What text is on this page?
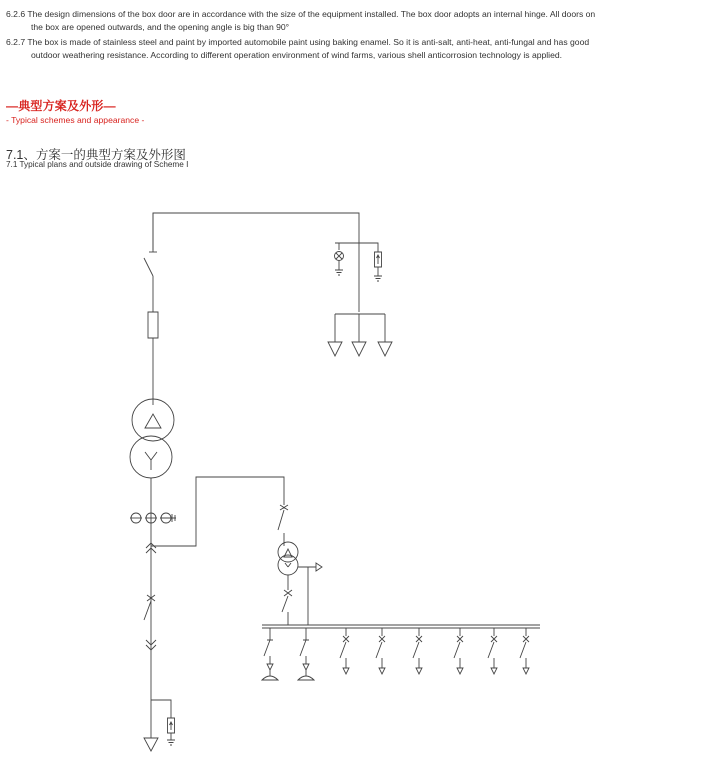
6.2.6 The design dimensions of the box door are in accordance with the size of the equipment installed. The box door adopts an internal hinge. All doors on
the box are opened outwards, and the opening angle is big than 90°
6.2.7 The box is made of stainless steel and paint by imported automobile paint using baking enamel. So it is anti-salt, anti-heat, anti-fungal and has good
outdoor weathering resistance. According to different operation environment of wind farms, various shell anticorrosion technology is applied.
—典型方案及外形—
- Typical schemes and appearance -
7.1、方案一的典型方案及外形图
7.1 Typical plans and outside drawing of Scheme I
